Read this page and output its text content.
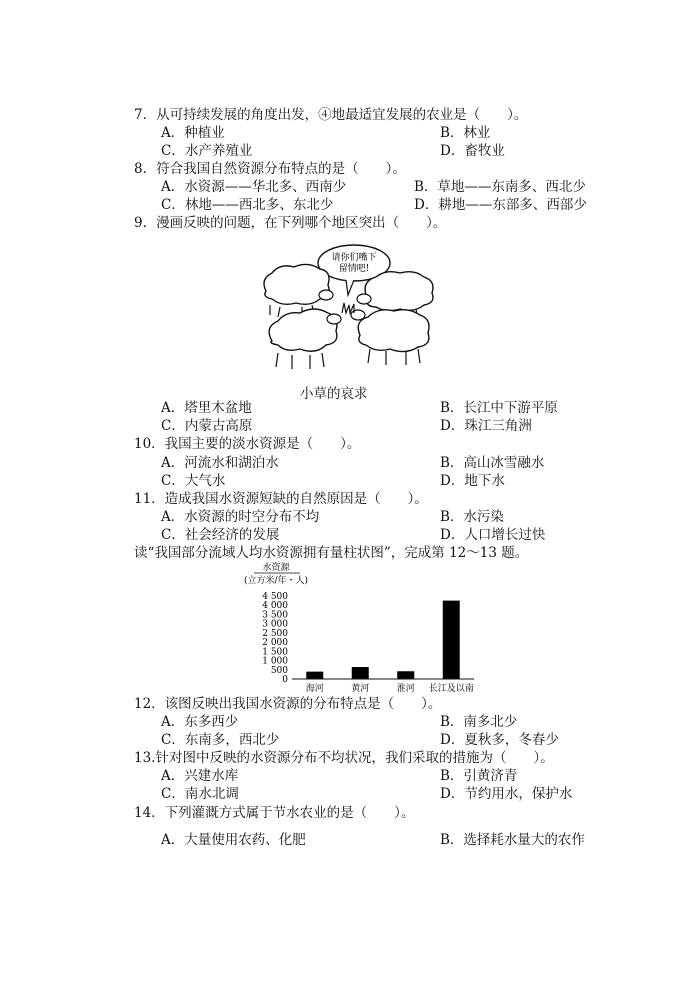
7．从可持续发展的角度出发，④地最适宜发展的农业是（　　）。
A．种植业	B．林业
C．水产养殖业	D．畜牧业
8．符合我国自然资源分布特点的是（　　）。
A．水资源——华北多、西南少	B．草地——东南多、西北少
C．林地——西北多、东北少	D．耕地——东部多、西部少
9．漫画反映的问题，在下列哪个地区突出（　　）。
请你们嘴下
留情吧!
小草的哀求
A．塔里木盆地	B．长江中下游平原
C．内蒙古高原	D．珠江三角洲
10．我国主要的淡水资源是（　　）。
A．河流水和湖泊水	B．高山冰雪融水
C．大气水	D．地下水
11．造成我国水资源短缺的自然原因是（　　）。
A．水资源的时空分布不均	B．水污染
C．社会经济的发展	D．人口增长过快
读“我国部分流域人均水资源拥有量柱状图”，完成第 12～13 题。
水资源
(立方米/年・人)
4 500
4 000
3 500
3 000
2 500
2 000
1 500
1 000
500
0
海河	黄河	淮河 长江及以南
12．该图反映出我国水资源的分布特点是（　　）。
A．东多西少	B．南多北少
C．东南多，西北少	D．夏秋多，冬春少
13.针对图中反映的水资源分布不均状况，我们采取的措施为（　　）。
A．兴建水库	B．引黄济青
C．南水北调	D．节约用水，保护水
14．下列灌溉方式属于节水农业的是（　　）。
A．大量使用农药、化肥	B．选择耗水量大的农作
